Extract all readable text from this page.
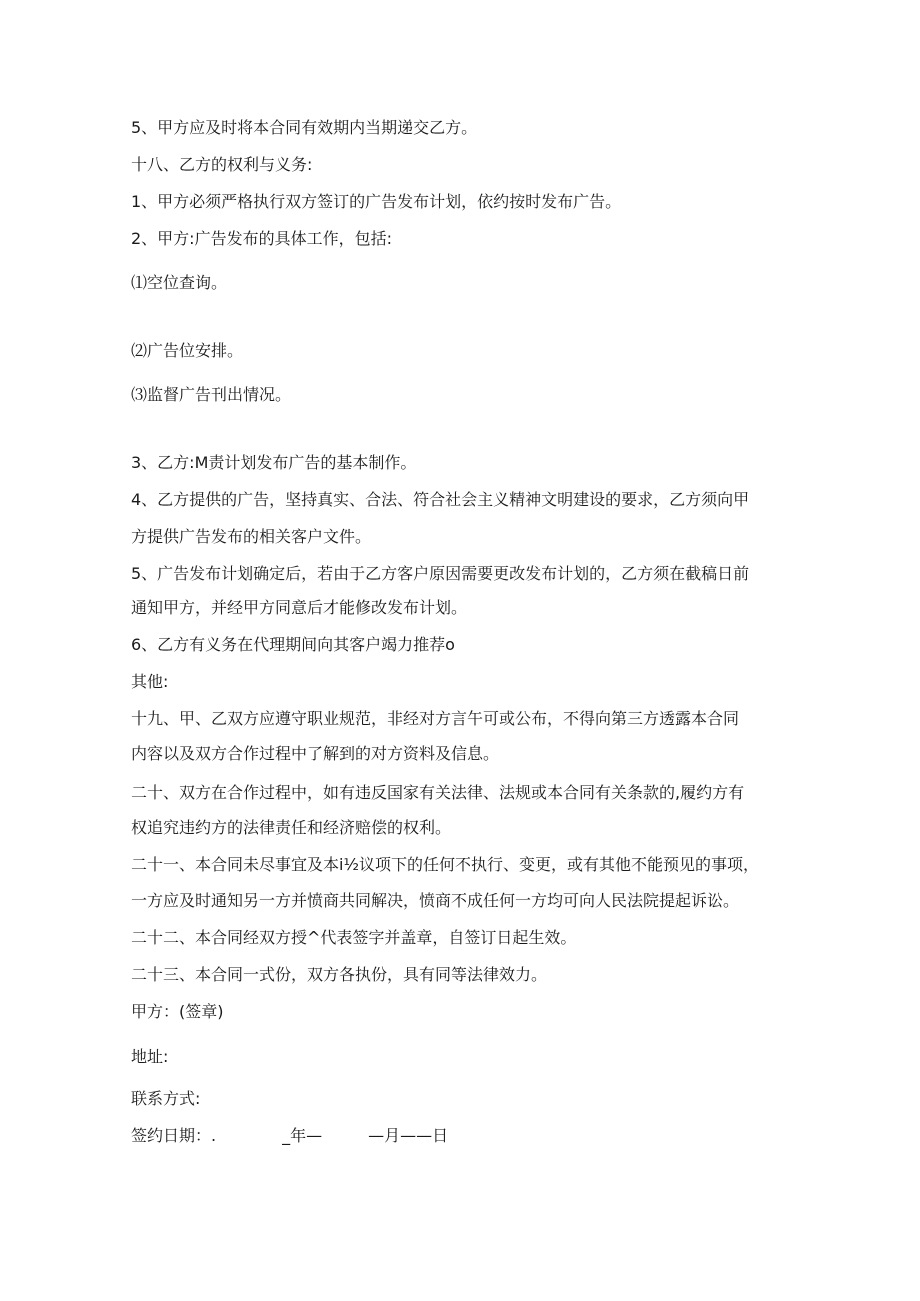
5、甲方应及时将本合同有效期内当期递交乙方。

十八、乙方的权利与义务:

1、甲方必须严格执行双方签订的广告发布计划，依约按时发布广告。

2、甲方:广告发布的具体工作，包括:

⑴空位查询。

⑵广告位安排。

⑶监督广告刊出情况。

3、乙方:M责计划发布广告的基本制作。

4、乙方提供的广告，坚持真实、合法、符合社会主义精神文明建设的要求，乙方须向甲

方提供广告发布的相关客户文件。

5、广告发布计划确定后，若由于乙方客户原因需要更改发布计划的，乙方须在截稿日前

通知甲方，并经甲方同意后才能修改发布计划。

6、乙方有义务在代理期间向其客户竭力推荐o

其他:

十九、甲、乙双方应遵守职业规范，非经对方言午可或公布，不得向第三方透露本合同

内容以及双方合作过程中了解到的对方资料及信息。

二十、双方在合作过程中，如有违反国家有关法律、法规或本合同有关条款的,履约方有

权追究违约方的法律责任和经济赔偿的权利。

二十一、本合同未尽事宜及本i½议项下的任何不执行、变更，或有其他不能预见的事项，

一方应及时通知另一方并愤商共同解决，愤商不成任何一方均可向人民法院提起诉讼。

二十二、本合同经双方授^代表签字并盖章，自签订日起生效。

二十三、本合同一式份，双方各执份，具有同等法律效力。

甲方：(签章)

地址:

联系方式:

签约日期：.	_年—	—月——日
